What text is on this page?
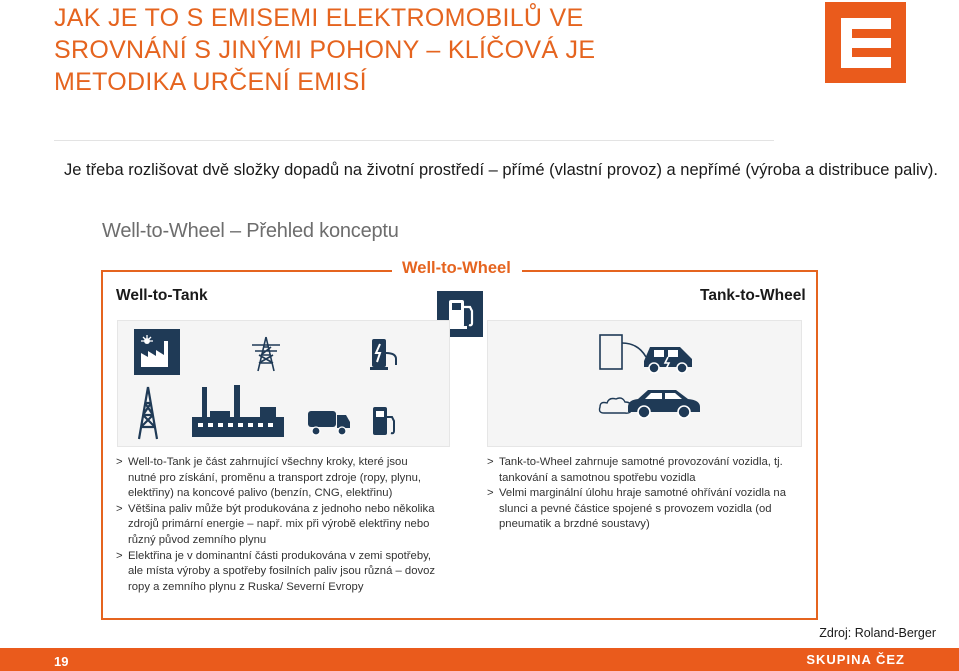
JAK JE TO S EMISEMI ELEKTROMOBILŮ VE
SROVNÁNÍ S JINÝMI POHONY – KLÍČOVÁ JE
METODIKA URČENÍ EMISÍ
Je třeba rozlišovat dvě složky dopadů na životní prostředí – přímé (vlastní provoz) a nepřímé (výroba a distribuce paliv).
Well-to-Wheel – Přehled konceptu
Well-to-Wheel
Well-to-Tank	Tank-to-Wheel
> Well-to-Tank je část zahrnující všechny kroky, které jsou nutné pro získání, proměnu a transport zdroje (ropy, plynu, elektřiny) na koncové palivo (benzín, CNG, elektřinu)
> Většina paliv může být produkována z jednoho nebo několika zdrojů primární energie – např. mix při výrobě elektřiny nebo různý původ zemního plynu
> Elektřina je v dominantní části produkována v zemi spotřeby, ale místa výroby a spotřeby fosilních paliv jsou různá – dovoz ropy a zemního plynu z Ruska/ Severní Evropy
> Tank-to-Wheel zahrnuje samotné provozování vozidla, tj. tankování a samotnou spotřebu vozidla
> Velmi marginální úlohu hraje samotné ohřívání vozidla na slunci a pevné částice spojené s provozem vozidla (od pneumatik a brzdné soustavy)
Zdroj: Roland-Berger
19	SKUPINA ČEZ
